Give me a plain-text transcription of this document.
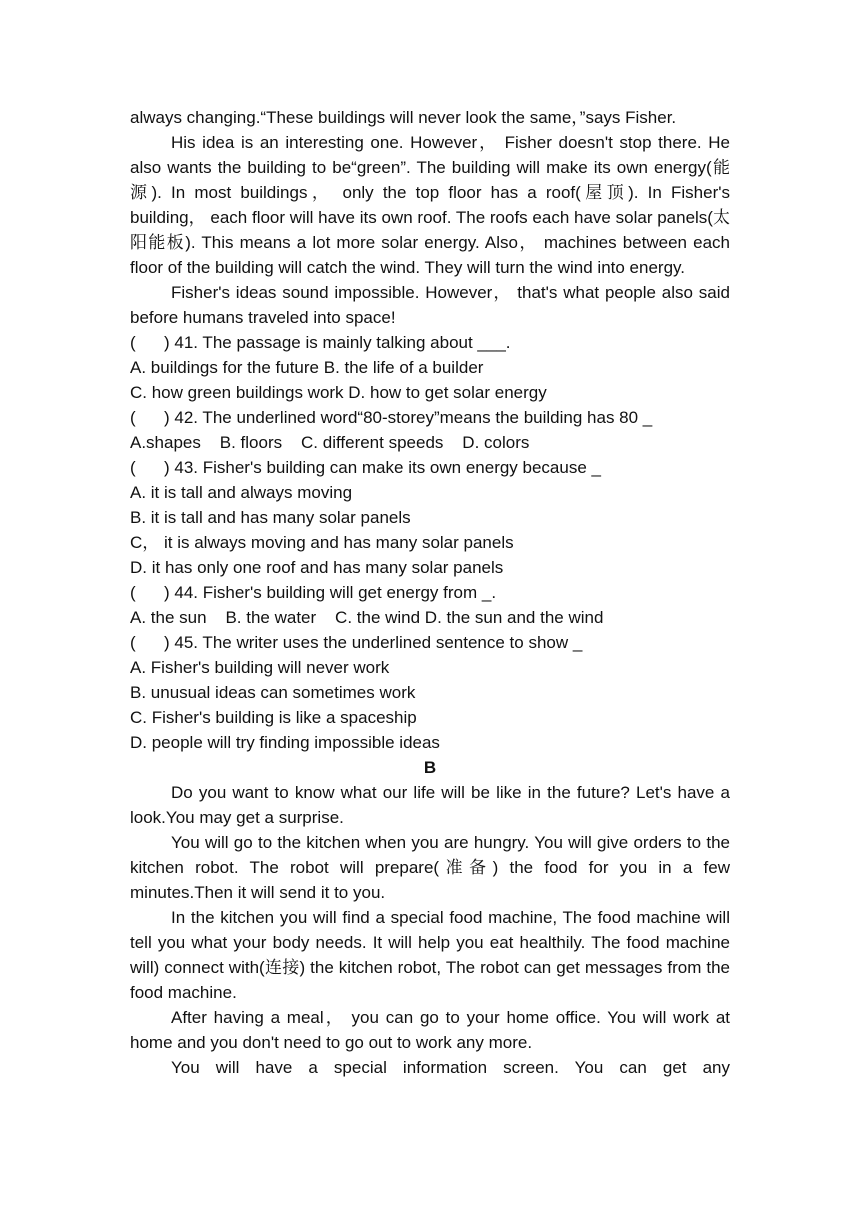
always changing.“These buildings will never look the same，”says Fisher.

His idea is an interesting one. However， Fisher doesn't stop there. He also wants the building to be“green”. The building will make its own energy(能源). In most buildings， only the top floor has a roof(屋顶). In Fisher's building， each floor will have its own roof. The roofs each have solar panels(太阳能板). This means a lot more solar energy. Also， machines between each floor of the building will catch the wind. They will turn the wind into energy.

Fisher's ideas sound impossible. However， that's what people also said before humans traveled into space!

(      ) 41. The passage is mainly talking about ___.

A. buildings for the future B. the life of a builder

C. how green buildings work D. how to get solar energy

(      ) 42. The underlined word“80-storey”means the building has 80 _

A.shapes    B. floors    C. different speeds    D. colors

(      ) 43. Fisher's building can make its own energy because _

A. it is tall and always moving

B. it is tall and has many solar panels

C， it is always moving and has many solar panels

D. it has only one roof and has many solar panels

(      ) 44. Fisher's building will get energy from _.

A. the sun    B. the water    C. the wind D. the sun and the wind

(      ) 45. The writer uses the underlined sentence to show _

A. Fisher's building will never work

B. unusual ideas can sometimes work

C. Fisher's building is like a spaceship

D. people will try finding impossible ideas

B

Do you want to know what our life will be like in the future? Let's have a look.You may get a surprise.

You will go to the kitchen when you are hungry. You will give orders to the kitchen robot. The robot will prepare(准备) the food for you in a few minutes.Then it will send it to you.

In the kitchen you will find a special food machine, The food machine will tell you what your body needs. It will help you eat healthily. The food machine will) connect with(连接) the kitchen robot, The robot can get messages from the food machine.

After having a meal， you can go to your home office. You will work at home and you don't need to go out to work any more.

You will have a special information screen. You can get any
